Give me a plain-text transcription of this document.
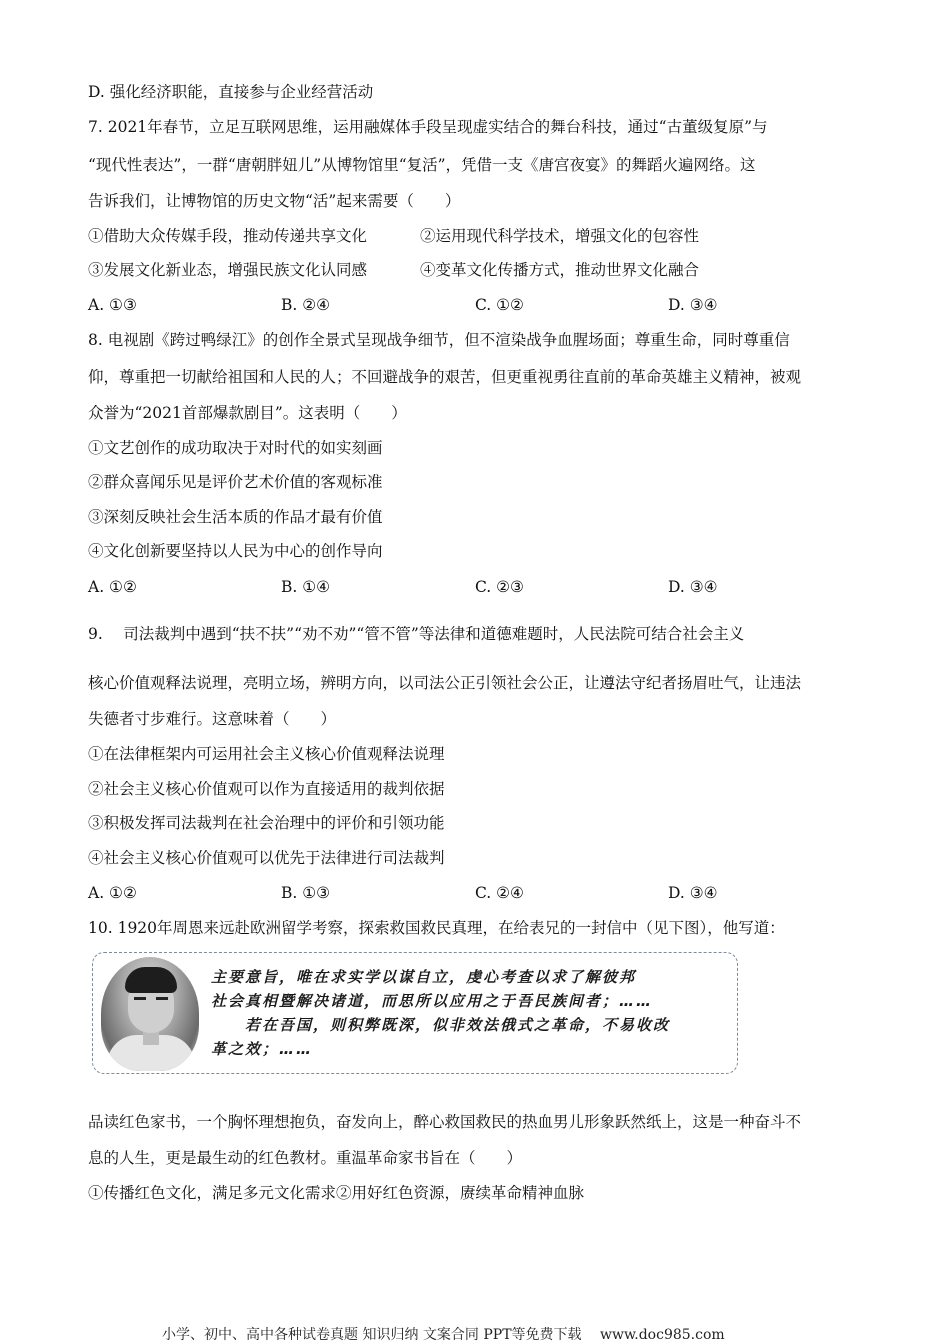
D. 强化经济职能，直接参与企业经营活动
7. 2021年春节，立足互联网思维，运用融媒体手段呈现虚实结合的舞台科技，通过“古董级复原”与
“现代性表达”，一群“唐朝胖妞儿”从博物馆里“复活”，凭借一支《唐宫夜宴》的舞蹈火遍网络。这
告诉我们，让博物馆的历史文物“活”起来需要（　　）
①借助大众传媒手段，推动传递共享文化	②运用现代科学技术，增强文化的包容性
③发展文化新业态，增强民族文化认同感	④变革文化传播方式，推动世界文化融合
A. ①③	B. ②④	C. ①②	D. ③④
8. 电视剧《跨过鸭绿江》的创作全景式呈现战争细节，但不渲染战争血腥场面；尊重生命，同时尊重信
仰，尊重把一切献给祖国和人民的人；不回避战争的艰苦，但更重视勇往直前的革命英雄主义精神，被观
众誉为“2021首部爆款剧目”。这表明（　　）
①文艺创作的成功取决于对时代的如实刻画
②群众喜闻乐见是评价艺术价值的客观标准
③深刻反映社会生活本质的作品才最有价值
④文化创新要坚持以人民为中心的创作导向
A. ①②	B. ①④	C. ②③	D. ③④
9.　 司法裁判中遇到“扶不扶”“劝不劝”“管不管”等法律和道德难题时，人民法院可结合社会主义
核心价值观释法说理，亮明立场，辨明方向，以司法公正引领社会公正，让遵法守纪者扬眉吐气，让违法
失德者寸步难行。这意味着（　　）
①在法律框架内可运用社会主义核心价值观释法说理
②社会主义核心价值观可以作为直接适用的裁判依据
③积极发挥司法裁判在社会治理中的评价和引领功能
④社会主义核心价值观可以优先于法律进行司法裁判
A. ①②	B. ①③	C. ②④	D. ③④
10. 1920年周恩来远赴欧洲留学考察，探索救国救民真理，在给表兄的一封信中（见下图），他写道：
主要意旨，唯在求实学以谋自立，虔心考查以求了解彼邦
社会真相暨解决诸道，而思所以应用之于吾民族间者；……
　　若在吾国，则积弊既深，似非效法俄式之革命，不易收改
革之效；……
品读红色家书，一个胸怀理想抱负，奋发向上，醉心救国救民的热血男儿形象跃然纸上，这是一种奋斗不
息的人生，更是最生动的红色教材。重温革命家书旨在（　　）
①传播红色文化，满足多元文化需求②用好红色资源，赓续革命精神血脉
小学、初中、高中各种试卷真题 知识归纳 文案合同 PPT等免费下载　 www.doc985.com
